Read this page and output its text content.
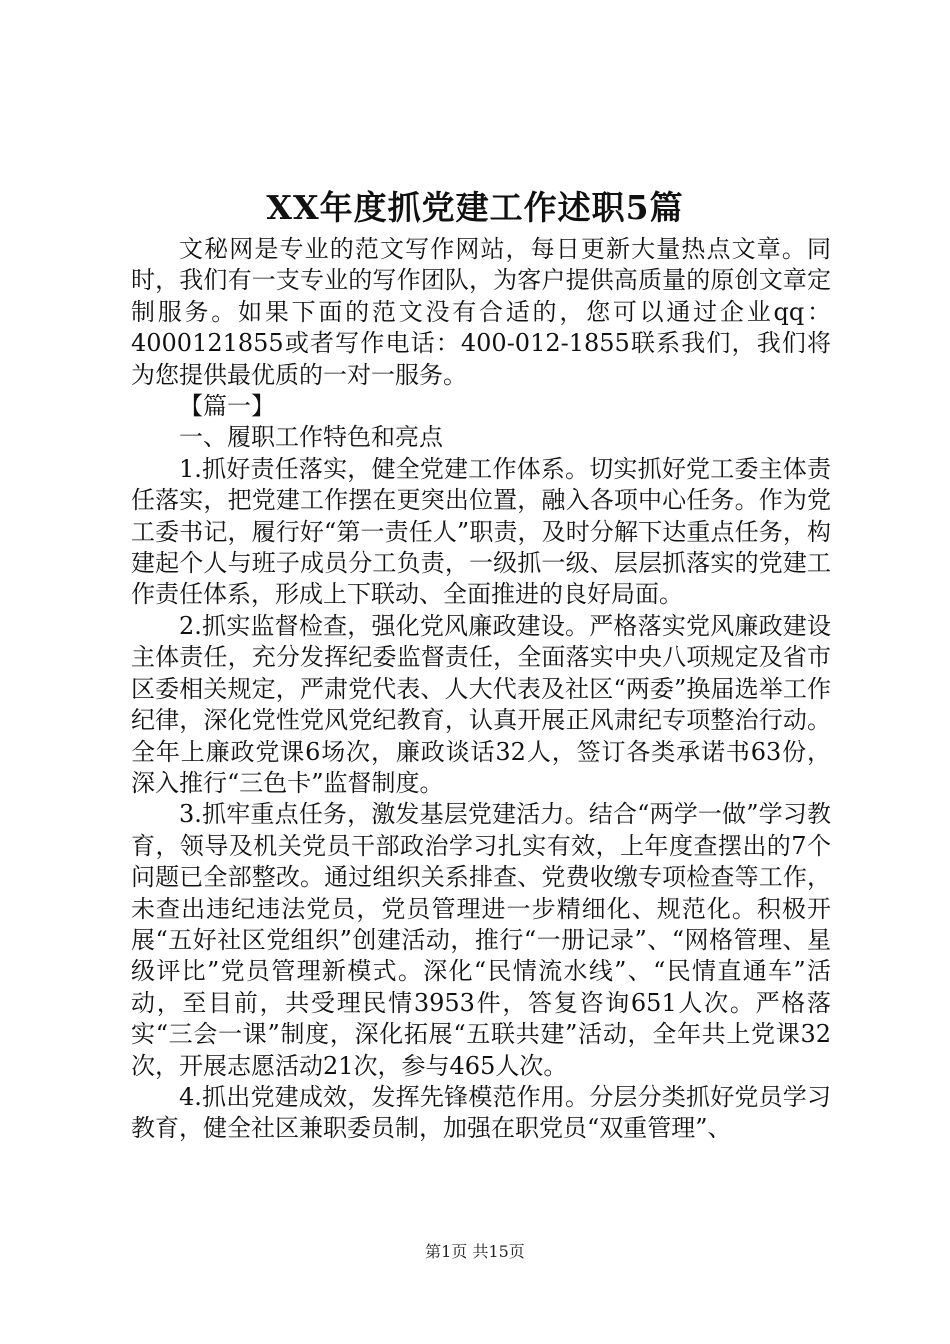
XX年度抓党建工作述职5篇

文秘网是专业的范文写作网站，每日更新大量热点文章。同时，我们有一支专业的写作团队，为客户提供高质量的原创文章定制服务。如果下面的范文没有合适的，您可以通过企业qq：4000121855或者写作电话：400-012-1855联系我们，我们将为您提供最优质的一对一服务。

【篇一】

一、履职工作特色和亮点

1.抓好责任落实，健全党建工作体系。切实抓好党工委主体责任落实，把党建工作摆在更突出位置，融入各项中心任务。作为党工委书记，履行好“第一责任人”职责，及时分解下达重点任务，构建起个人与班子成员分工负责，一级抓一级、层层抓落实的党建工作责任体系，形成上下联动、全面推进的良好局面。

2.抓实监督检查，强化党风廉政建设。严格落实党风廉政建设主体责任，充分发挥纪委监督责任，全面落实中央八项规定及省市区委相关规定，严肃党代表、人大代表及社区“两委”换届选举工作纪律，深化党性党风党纪教育，认真开展正风肃纪专项整治行动。全年上廉政党课6场次，廉政谈话32人，签订各类承诺书63份，深入推行“三色卡”监督制度。

3.抓牢重点任务，激发基层党建活力。结合“两学一做”学习教育，领导及机关党员干部政治学习扎实有效，上年度查摆出的7个问题已全部整改。通过组织关系排查、党费收缴专项检查等工作，未查出违纪违法党员，党员管理进一步精细化、规范化。积极开展“五好社区党组织”创建活动，推行“一册记录”、“网格管理、星级评比”党员管理新模式。深化“民情流水线”、“民情直通车”活动，至目前，共受理民情3953件，答复咨询651人次。严格落实“三会一课”制度，深化拓展“五联共建”活动，全年共上党课32次，开展志愿活动21次，参与465人次。

4.抓出党建成效，发挥先锋模范作用。分层分类抓好党员学习教育，健全社区兼职委员制，加强在职党员“双重管理”、

第1页 共15页
